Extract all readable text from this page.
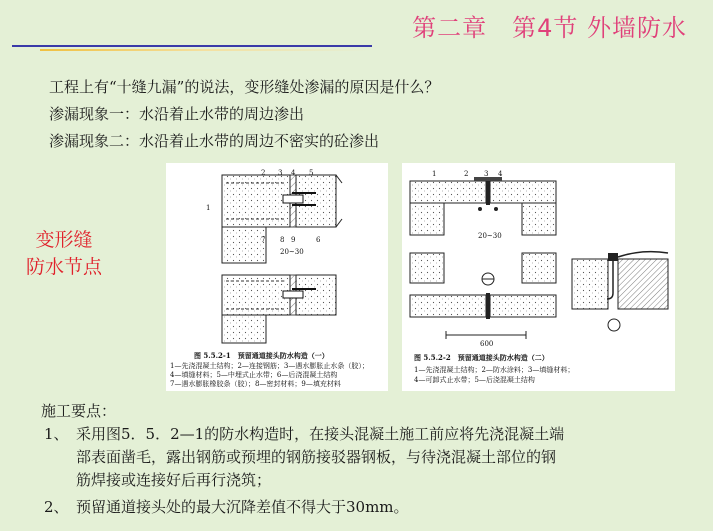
第二章　第4节 外墙防水
工程上有“十缝九漏”的说法，变形缝处渗漏的原因是什么？
渗漏现象一：水沿着止水带的周边渗出
渗漏现象二：水沿着止水带的周边不密实的砼渗出
变形缝
防水节点
2 3 4 5
1
7 8 9	6
20~30
图 5.5.2-1　预留通道接头防水构造（一）
1—先浇混凝土结构；2—连接钢筋；3—遇水膨胀止水条（胶）；
4—填缝材料；5—中埋式止水带；6—后浇混凝土结构
7—遇水膨胀橡胶条（胶）；8—密封材料；9—填充材料
1	2 3 4
20~30
600
图 5.5.2-2　预留通道接头防水构造（二）
1—先浇混凝土结构；2—防水涂料；3—填缝材料；
4—可卸式止水带；5—后浇混凝土结构
施工要点：
1、 采用图5．5．2—1的防水构造时，在接头混凝土施工前应将先浇混凝土端
部表面凿毛，露出钢筋或预埋的钢筋接驳器钢板，与待浇混凝土部位的钢
筋焊接或连接好后再行浇筑；
2、 预留通道接头处的最大沉降差值不得大于30mm。
